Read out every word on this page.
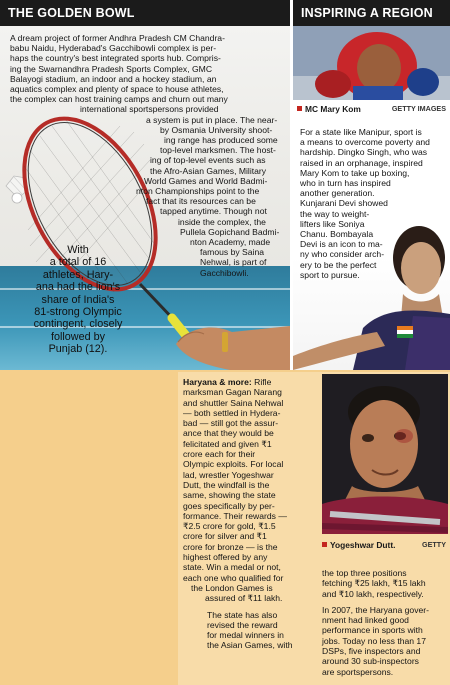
THE GOLDEN BOWL
A dream project of former Andhra Pradesh CM Chandra-
babu Naidu, Hyderabad's Gacchibowli complex is per-
haps the country's best integrated sports hub. Compris-
ing the Swarnandhra Pradesh Sports Complex, GMC
Balayogi stadium, an indoor and a hockey stadium, an
aquatics complex and plenty of space to house athletes,
the complex can host training camps and churn out many
international sportspersons provided
a system is put in place. The near-
by Osmania University shoot-
ing range has produced some
top-level marksmen. The host-
ing of top-level events such as
the Afro-Asian Games, Military
World Games and World Badmi-
nton Championships point to the
fact that its resources can be
tapped anytime. Though not
inside the complex, the
Pullela Gopichand Badmi-
nton Academy, made
famous by Saina
Nehwal, is part of
Gacchibowli.
With
a total of 16
athletes, Hary-
ana had the lion's
share of India's
81-strong Olympic
contingent, closely
followed by
Punjab (12).
INSPIRING A REGION
MC Mary Kom	GETTY IMAGES
For a state like Manipur, sport is
a means to overcome poverty and
hardship. Dingko Singh, who was
raised in an orphanage, inspired
Mary Kom to take up boxing,
who in turn has inspired
another generation.
Kunjarani Devi showed
the way to weight-
lifters like Soniya
Chanu. Bombayala
Devi is an icon to ma-
ny who consider arch-
ery to be the perfect
sport to pursue.
Haryana & more: Rifle
marksman Gagan Narang
and shuttler Saina Nehwal
— both settled in Hydera-
bad — still got the assur-
ance that they would be
felicitated and given ₹1
crore each for their
Olympic exploits. For local
lad, wrestler Yogeshwar
Dutt, the windfall is the
same, showing the state
goes specifically by per-
formance. Their rewards —
₹2.5 crore for gold, ₹1.5
crore for silver and ₹1
crore for bronze — is the
highest offered by any
state. Win a medal or not,
each one who qualified for
the London Games is
assured of ₹11 lakh.
The state has also
revised the reward
for medal winners in
the Asian Games, with
Yogeshwar Dutt.	GETTY
the top three positions
fetching ₹25 lakh, ₹15 lakh
and ₹10 lakh, respectively.
In 2007, the Haryana gover-
nment had linked good
performance in sports with
jobs. Today no less than 17
DSPs, five inspectors and
around 30 sub-inspectors
are sportspersons.
